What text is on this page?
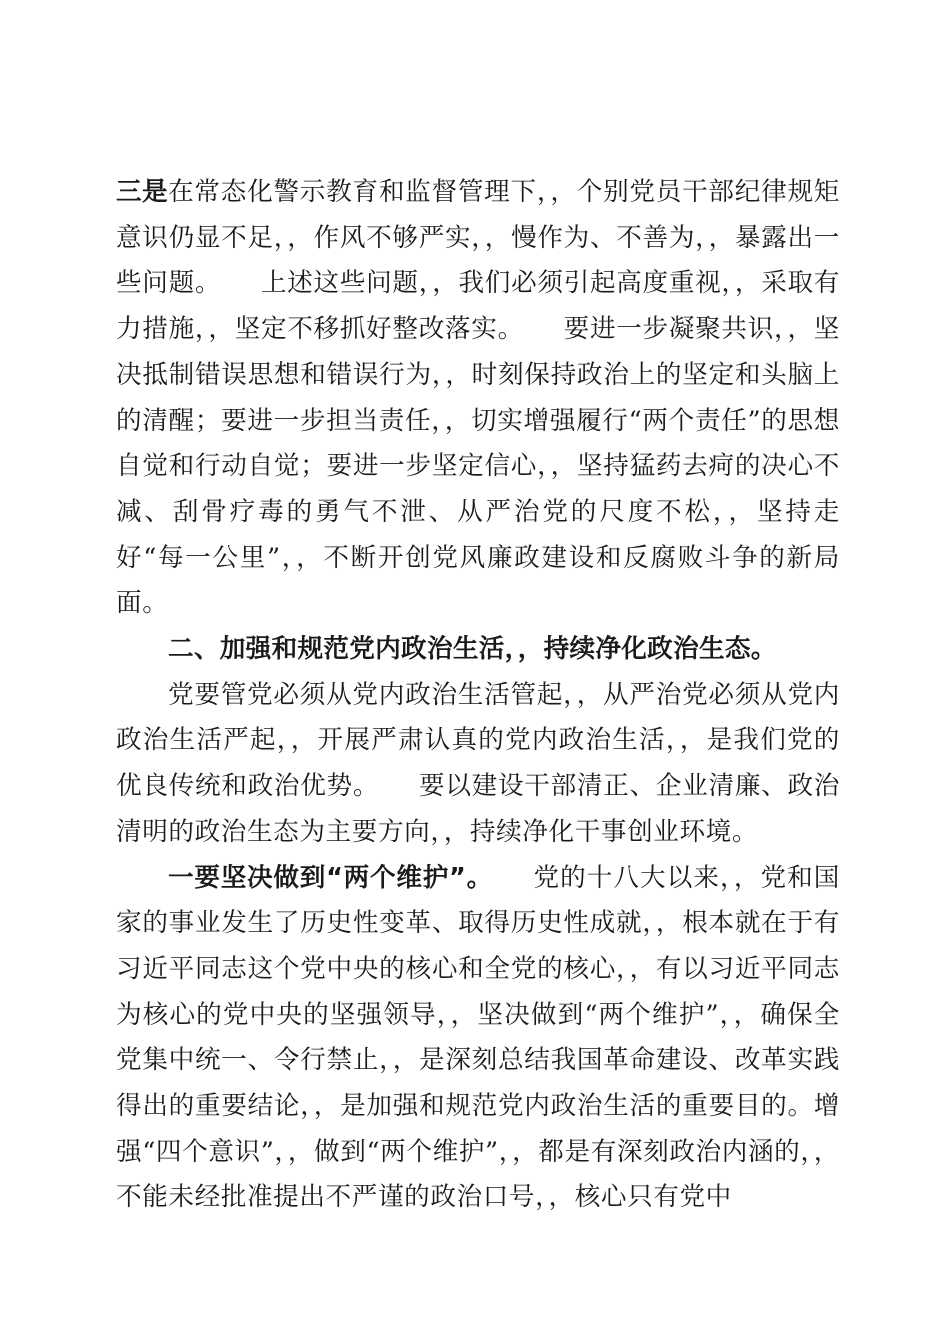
三是在常态化警示教育和监督管理下，，个别党员干部纪律规矩意识仍显不足，，作风不够严实，，慢作为、不善为，，暴露出一些问题。　　上述这些问题，，我们必须引起高度重视，，采取有力措施，，坚定不移抓好整改落实。　　要进一步凝聚共识，，坚决抵制错误思想和错误行为，，时刻保持政治上的坚定和头脑上的清醒；要进一步担当责任，，切实增强履行“两个责任”的思想自觉和行动自觉；要进一步坚定信心，，坚持猛药去疴的决心不减、刮骨疗毒的勇气不泄、从严治党的尺度不松，，坚持走好“每一公里”，，不断开创党风廉政建设和反腐败斗争的新局面。

二、加强和规范党内政治生活，，持续净化政治生态。

党要管党必须从党内政治生活管起，，从严治党必须从党内政治生活严起，，开展严肃认真的党内政治生活，，是我们党的优良传统和政治优势。　　要以建设干部清正、企业清廉、政治清明的政治生态为主要方向，，持续净化干事创业环境。

一要坚决做到“两个维护”。　　党的十八大以来，，党和国家的事业发生了历史性变革、取得历史性成就，，根本就在于有习近平同志这个党中央的核心和全党的核心，，有以习近平同志为核心的党中央的坚强领导，，坚决做到“两个维护”，，确保全党集中统一、令行禁止，，是深刻总结我国革命建设、改革实践得出的重要结论，，是加强和规范党内政治生活的重要目的。增强“四个意识”，，做到“两个维护”，，都是有深刻政治内涵的，，不能未经批准提出不严谨的政治口号，，核心只有党中
